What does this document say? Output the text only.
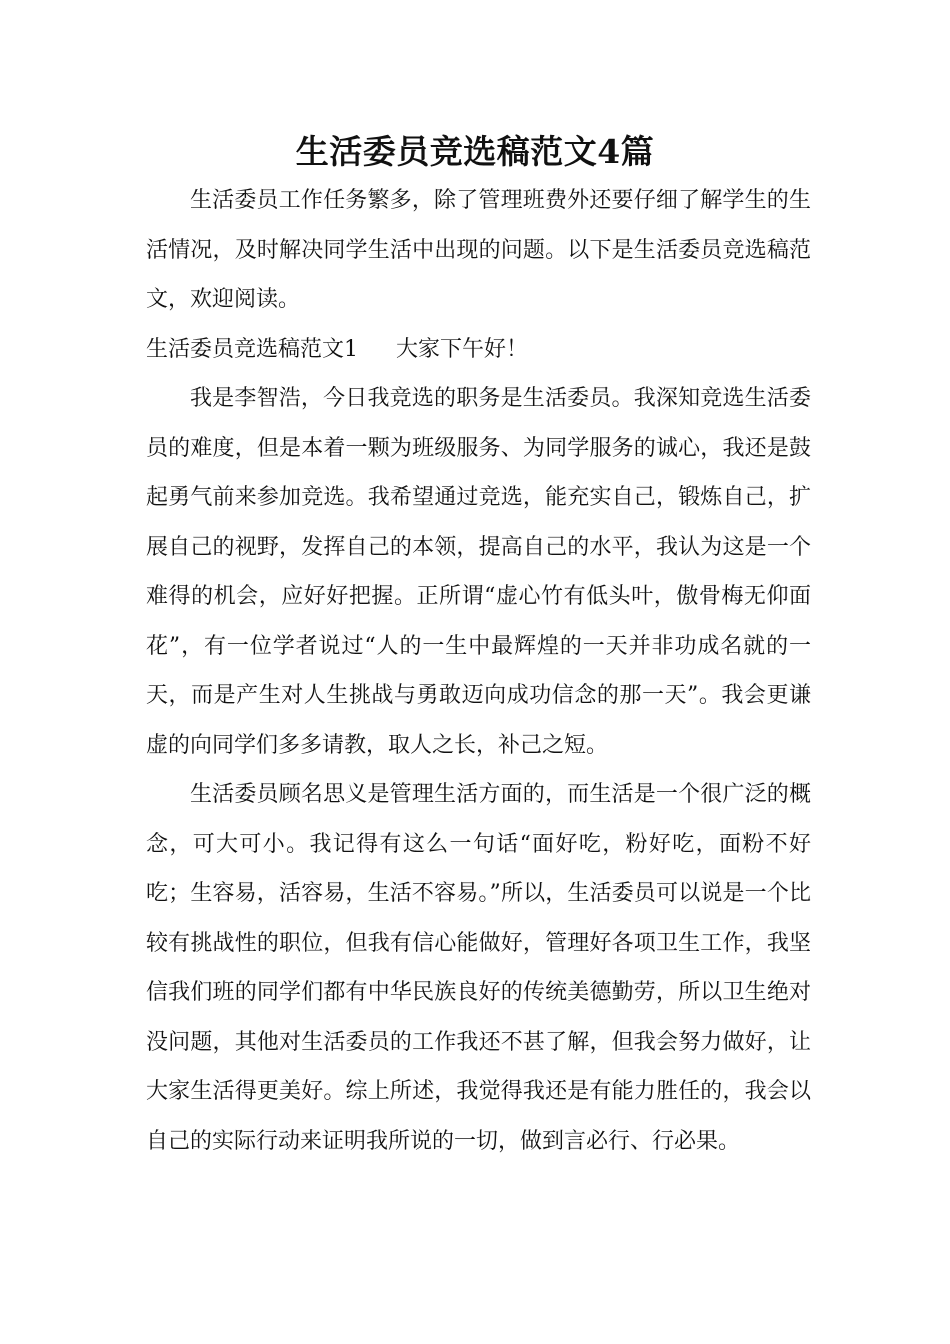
生活委员竞选稿范文4篇

生活委员工作任务繁多，除了管理班费外还要仔细了解学生的生活情况，及时解决同学生活中出现的问题。以下是生活委员竞选稿范文，欢迎阅读。

生活委员竞选稿范文1 大家下午好！

我是李智浩，今日我竞选的职务是生活委员。我深知竞选生活委员的难度，但是本着一颗为班级服务、为同学服务的诚心，我还是鼓起勇气前来参加竞选。我希望通过竞选，能充实自己，锻炼自己，扩展自己的视野，发挥自己的本领，提高自己的水平，我认为这是一个难得的机会，应好好把握。正所谓“虚心竹有低头叶，傲骨梅无仰面花”，有一位学者说过“人的一生中最辉煌的一天并非功成名就的一天，而是产生对人生挑战与勇敢迈向成功信念的那一天”。我会更谦虚的向同学们多多请教，取人之长，补己之短。

生活委员顾名思义是管理生活方面的，而生活是一个很广泛的概念，可大可小。我记得有这么一句话“面好吃，粉好吃，面粉不好吃；生容易，活容易，生活不容易。”所以，生活委员可以说是一个比较有挑战性的职位，但我有信心能做好，管理好各项卫生工作，我坚信我们班的同学们都有中华民族良好的传统美德勤劳，所以卫生绝对没问题，其他对生活委员的工作我还不甚了解，但我会努力做好，让大家生活得更美好。综上所述，我觉得我还是有能力胜任的，我会以自己的实际行动来证明我所说的一切，做到言必行、行必果。
